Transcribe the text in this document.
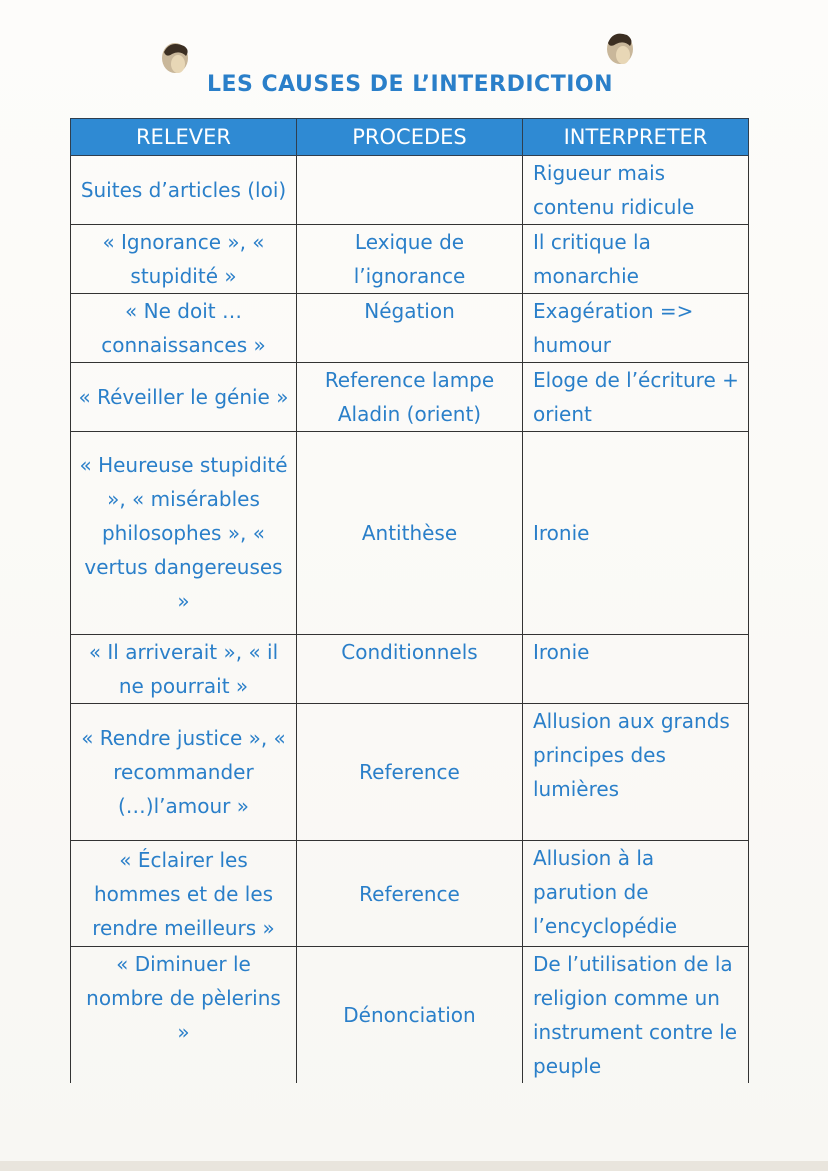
LES CAUSES DE L’INTERDICTION
RELEVER	PROCEDES	INTERPRETER
Suites d’articles (loi)		Rigueur mais contenu ridicule
« Ignorance », « stupidité »	Lexique de l’ignorance	Il critique la monarchie
« Ne doit … connaissances »	Négation	Exagération => humour
« Réveiller le génie »	Reference lampe Aladin (orient)	Eloge de l’écriture + orient
« Heureuse stupidité », « misérables philosophes », « vertus dangereuses »	Antithèse	Ironie
« Il arriverait », « il ne pourrait »	Conditionnels	Ironie
« Rendre justice », « recommander (…)l’amour »	Reference	Allusion aux grands principes des lumières
« Éclairer les hommes et de les rendre meilleurs »	Reference	Allusion à la parution de l’encyclopédie
« Diminuer le nombre de pèlerins »	Dénonciation	De l’utilisation de la religion comme un instrument contre le peuple
